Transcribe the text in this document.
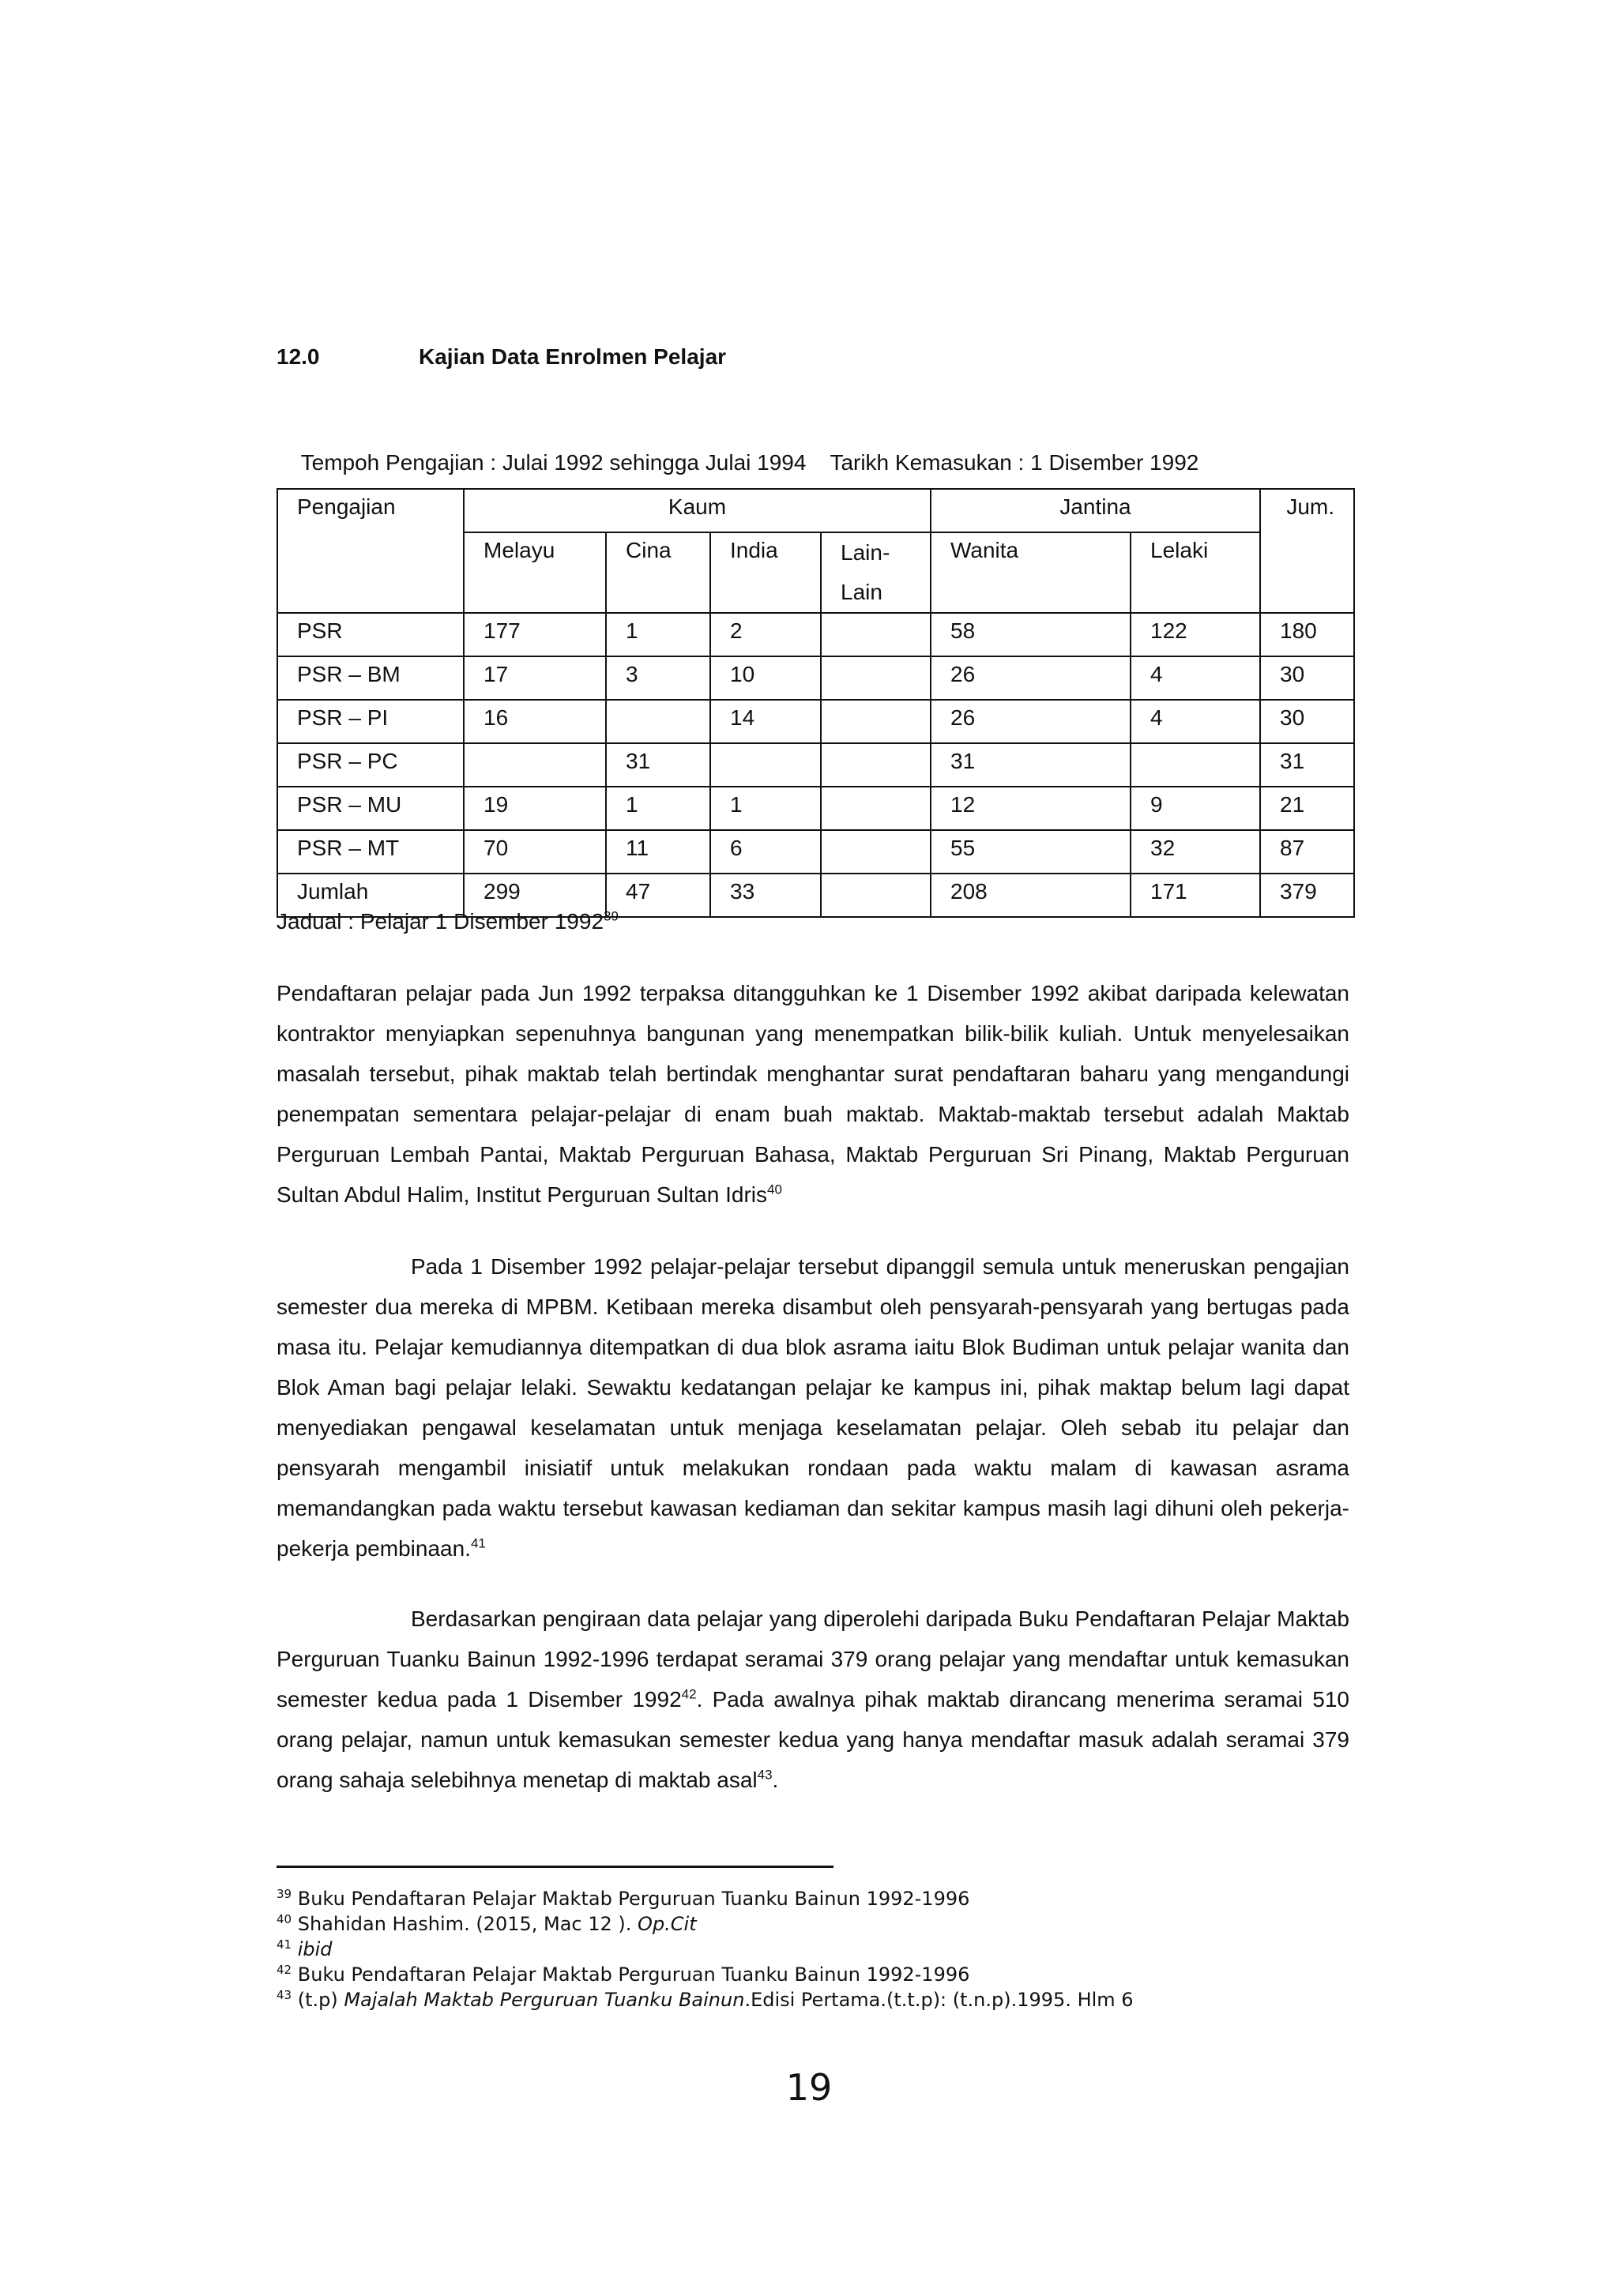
12.0	Kajian Data Enrolmen Pelajar

Tempoh Pengajian : Julai 1992 sehingga Julai 1994 Tarikh Kemasukan : 1 Disember 1992

Pengajian	Kaum				Jantina		Jum.
	Melayu	Cina	India	Lain- Lain	Wanita	Lelaki	

PSR	177	1	2		58	122	180
PSR – BM	17	3	10		26	4	30
PSR – PI	16		14		26	4	30
PSR – PC		31			31		31
PSR – MU	19	1	1		12	9	21
PSR – MT	70	11	6		55	32	87
Jumlah	299	47	33		208	171	379
Jadual : Pelajar 1 Disember 1992$^{39}$
Pendaftaran pelajar pada Jun 1992 terpaksa ditangguhkan ke 1 Disember 1992 akibat daripada kelewatan kontraktor menyiapkan sepenuhnya bangunan yang menempatkan bilik-bilik kuliah. Untuk menyelesaikan masalah tersebut, pihak maktab telah bertindak menghantar surat pendaftaran baharu yang mengandungi penempatan sementara pelajar-pelajar di enam buah maktab. Maktab-maktab tersebut adalah Maktab Perguruan Lembah Pantai, Maktab Perguruan Bahasa, Maktab Perguruan Sri Pinang, Maktab Perguruan Sultan Abdul Halim, Institut Perguruan Sultan Idris$^{40}$
Pada 1 Disember 1992 pelajar-pelajar tersebut dipanggil semula untuk meneruskan pengajian semester dua mereka di MPBM. Ketibaan mereka disambut oleh pensyarah-pensyarah yang bertugas pada masa itu. Pelajar kemudiannya ditempatkan di dua blok asrama iaitu Blok Budiman untuk pelajar wanita dan Blok Aman bagi pelajar lelaki. Sewaktu kedatangan pelajar ke kampus ini, pihak maktap belum lagi dapat menyediakan pengawal keselamatan untuk menjaga keselamatan pelajar. Oleh sebab itu pelajar dan pensyarah mengambil inisiatif untuk melakukan rondaan pada waktu malam di kawasan asrama memandangkan pada waktu tersebut kawasan kediaman dan sekitar kampus masih lagi dihuni oleh pekerja-pekerja pembinaan.$^{41}$
Berdasarkan pengiraan data pelajar yang diperolehi daripada Buku Pendaftaran Pelajar Maktab Perguruan Tuanku Bainun 1992-1996 terdapat seramai 379 orang pelajar yang mendaftar untuk kemasukan semester kedua pada 1 Disember 1992$^{42}$. Pada awalnya pihak maktab dirancang menerima seramai 510 orang pelajar, namun untuk kemasukan semester kedua yang hanya mendaftar masuk adalah seramai 379 orang sahaja selebihnya menetap di maktab asal$^{43}$.
$^{39}$ Buku Pendaftaran Pelajar Maktab Perguruan Tuanku Bainun 1992-1996
$^{40}$ Shahidan Hashim. (2015, Mac 12 ). Op.Cit
$^{41}$ ibid
$^{42}$ Buku Pendaftaran Pelajar Maktab Perguruan Tuanku Bainun 1992-1996
$^{43}$ (t.p) Majalah Maktab Perguruan Tuanku Bainun.Edisi Pertama.(t.t.p): (t.n.p).1995. Hlm 6
19
